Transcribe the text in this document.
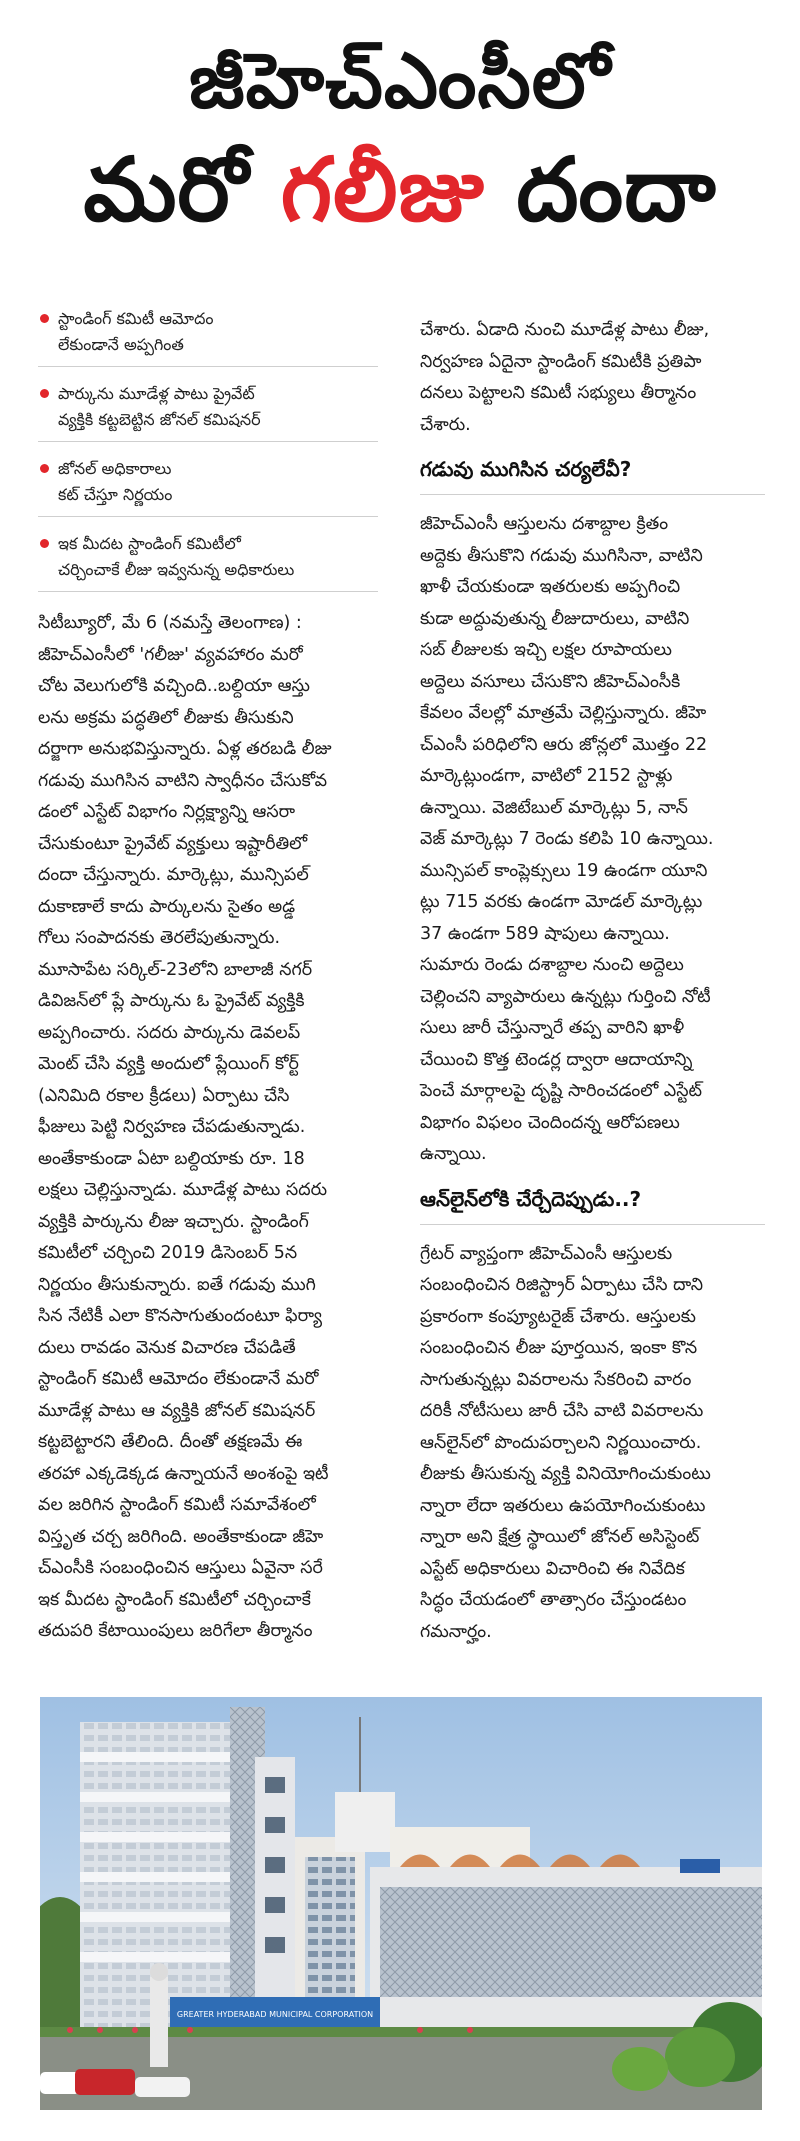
జీహెచ్‌ఎంసీలో
మరో గలీజు దందా
స్టాండింగ్ కమిటీ ఆమోదం
లేకుండానే అప్పగింత
పార్కును మూడేళ్ల పాటు ప్రైవేట్
వ్యక్తికి కట్టబెట్టిన జోనల్ కమిషనర్
జోనల్ అధికారాలు
కట్ చేస్తూ నిర్ణయం
ఇక మీదట స్టాండింగ్ కమిటీలో
చర్చించాకే లీజు ఇవ్వనున్న అధికారులు

సిటీబ్యూరో, మే 6 (నమస్తే తెలంగాణ) :

జీహెచ్ఎంసీలో 'గలీజు' వ్యవహారం మరో

చోట వెలుగులోకి వచ్చింది..బల్దియా ఆస్తు

లను అక్రమ పద్ధతిలో లీజుకు తీసుకుని

దర్జాగా అనుభవిస్తున్నారు. ఏళ్ల తరబడి లీజు

గడువు ముగిసిన వాటిని స్వాధీనం చేసుకోవ

డంలో ఎస్టేట్ విభాగం నిర్లక్ష్యాన్ని ఆసరా

చేసుకుంటూ ప్రైవేట్ వ్యక్తులు ఇష్టారీతిలో

దందా చేస్తున్నారు. మార్కెట్లు, మున్సిపల్

దుకాణాలే కాదు పార్కులను సైతం అడ్డ

గోలు సంపాదనకు తెరలేపుతున్నారు.

మూసాపేట సర్కిల్-23లోని బాలాజీ నగర్

డివిజన్‌లో ప్లే పార్కును ఓ ప్రైవేట్ వ్యక్తికి

అప్పగించారు. సదరు పార్కును డెవలప్

మెంట్ చేసి వ్యక్తి అందులో ప్లేయింగ్ కోర్ట్

(ఎనిమిది రకాల క్రీడలు) ఏర్పాటు చేసి

ఫీజులు పెట్టి నిర్వహణ చేపడుతున్నాడు.

అంతేకాకుండా ఏటా బల్దియాకు రూ. 18

లక్షలు చెల్లిస్తున్నాడు. మూడేళ్ల పాటు సదరు

వ్యక్తికి పార్కును లీజు ఇచ్చారు. స్టాండింగ్

కమిటీలో చర్చించి 2019 డిసెంబర్ 5న

నిర్ణయం తీసుకున్నారు. ఐతే గడువు ముగి

సిన నేటికీ ఎలా కొనసాగుతుందంటూ ఫిర్యా

దులు రావడం వెనుక విచారణ చేపడితే

స్టాండింగ్ కమిటీ ఆమోదం లేకుండానే మరో

మూడేళ్ల పాటు ఆ వ్యక్తికి జోనల్ కమిషనర్

కట్టబెట్టారని తేలింది. దీంతో తక్షణమే ఈ

తరహా ఎక్కడెక్కడ ఉన్నాయనే అంశంపై ఇటీ

వల జరిగిన స్టాండింగ్ కమిటీ సమావేశంలో

విస్తృత చర్చ జరిగింది. అంతేకాకుండా జీహె

చ్ఎంసీకి సంబంధించిన ఆస్తులు ఏవైనా సరే

ఇక మీదట స్టాండింగ్ కమిటీలో చర్చించాకే

తదుపరి కేటాయింపులు జరిగేలా తీర్మానం

చేశారు. ఏడాది నుంచి మూడేళ్ల పాటు లీజు,

నిర్వహణ ఏదైనా స్టాండింగ్ కమిటీకి ప్రతిపా

దనలు పెట్టాలని కమిటీ సభ్యులు తీర్మానం

చేశారు.

గడువు ముగిసిన చర్యలేవీ?

జీహెచ్ఎంసీ ఆస్తులను దశాబ్దాల క్రితం

అద్దెకు తీసుకొని గడువు ముగిసినా, వాటిని

ఖాళీ చేయకుండా ఇతరులకు అప్పగించి

కుడా అద్దువుతున్న లీజుదారులు, వాటిని

సబ్ లీజులకు ఇచ్చి లక్షల రూపాయలు

అద్దెలు వసూలు చేసుకొని జీహెచ్ఎంసీకి

కేవలం వేలల్లో మాత్రమే చెల్లిస్తున్నారు. జీహె

చ్ఎంసీ పరిధిలోని ఆరు జోన్లలో మొత్తం 22

మార్కెట్లుండగా, వాటిలో 2152 స్టాళ్లు

ఉన్నాయి. వెజిటేబుల్ మార్కెట్లు 5, నాన్

వెజ్ మార్కెట్లు 7 రెండు కలిపి 10 ఉన్నాయి.

మున్సిపల్ కాంప్లెక్సులు 19 ఉండగా యూని

ట్లు 715 వరకు ఉండగా మోడల్ మార్కెట్లు

37 ఉండగా 589 షాపులు ఉన్నాయి.

సుమారు రెండు దశాబ్దాల నుంచి అద్దెలు

చెల్లించని వ్యాపారులు ఉన్నట్లు గుర్తించి నోటీ

సులు జారీ చేస్తున్నారే తప్ప వారిని ఖాళీ

చేయించి కొత్త టెండర్ల ద్వారా ఆదాయాన్ని

పెంచే మార్గాలపై దృష్టి సారించడంలో ఎస్టేట్

విభాగం విఫలం చెందిందన్న ఆరోపణలు

ఉన్నాయి.

ఆన్‌లైన్‌లోకి చేర్చేదెప్పుడు..?

గ్రేటర్ వ్యాప్తంగా జీహెచ్ఎంసీ ఆస్తులకు

సంబంధించిన రిజిస్ట్రార్ ఏర్పాటు చేసి దాని

ప్రకారంగా కంప్యూటరైజ్ చేశారు. ఆస్తులకు

సంబంధించిన లీజు పూర్తయిన, ఇంకా కొన

సాగుతున్నట్లు వివరాలను సేకరించి వారం

దరికీ నోటీసులు జారీ చేసి వాటి వివరాలను

ఆన్‌లైన్‌లో పొందుపర్చాలని నిర్ణయించారు.

లీజుకు తీసుకున్న వ్యక్తి వినియోగించుకుంటు

న్నారా లేదా ఇతరులు ఉపయోగించుకుంటు

న్నారా అని క్షేత్ర స్థాయిలో జోనల్ అసిస్టెంట్

ఎస్టేట్ అధికారులు విచారించి ఈ నివేదిక

సిద్ధం చేయడంలో తాత్సారం చేస్తుండటం

గమనార్హం.

GREATER HYDERABAD MUNICIPAL CORPORATION
